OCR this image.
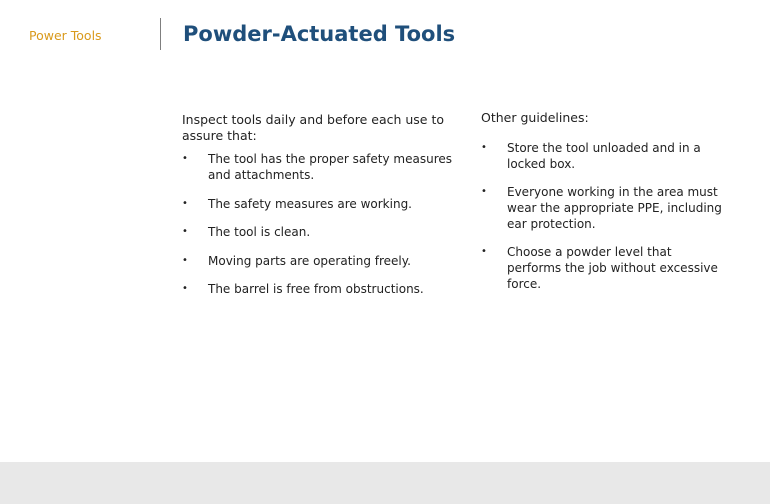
Power Tools	Powder-Actuated Tools
Inspect tools daily and before each use to assure that:
•	The tool has the proper safety measures and attachments.
•	The safety measures are working.
•	The tool is clean.
•	Moving parts are operating freely.
•	The barrel is free from obstructions.
Other guidelines:
•	Store the tool unloaded and in a locked box.
•	Everyone working in the area must wear the appropriate PPE, including ear protection.
•	Choose a powder level that performs the job without excessive force.
